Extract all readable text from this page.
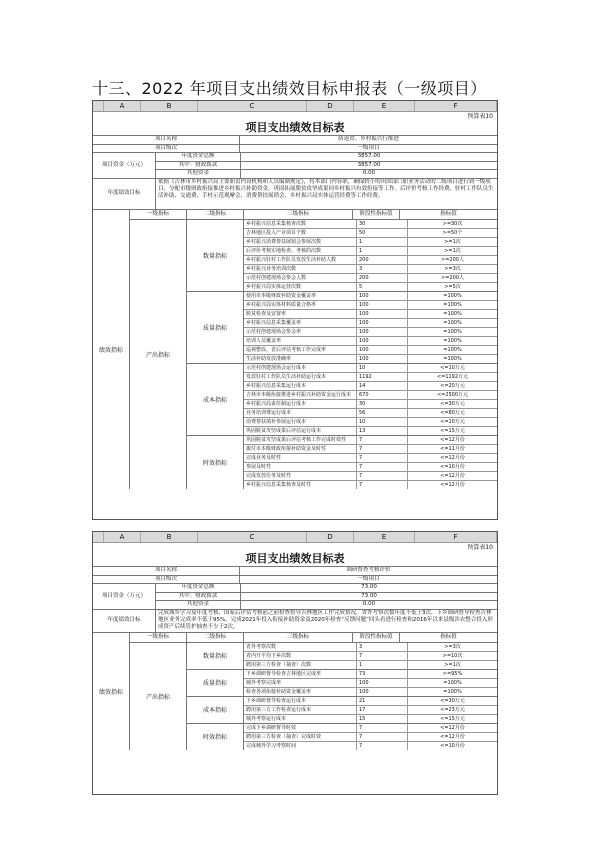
十三、2022 年项目支出绩效目标申报表（一级项目）
A	B	C	D	E	F
预算表10
项目支出绩效目标表
项目名称	防返贫、乡村振兴行推进
项目级次	一级项目
项目资金（万元）
年度资金总额	3857.00
其中：财政拨款	3857.00
其他资金	0.00
年度绩效目标
依据《吉林市乡村振兴局主要职责内设机构和人员编制规定》，将本部门内容职，确保较小的巩固部门职业务活动的二级项目进行到一级项目，分配市级财政衔接推进乡村振兴补助资金，巩固拓展脱贫攻坚成果同乡村振兴有效衔接等工作。后评价考核工作经费、驻村工作队员生活补助、交通费、手村示范观摩会、消费帮扶展销会、乡村振兴局实体运营经费等工作经费。
绩效指标
一级指标
产出指标
二级指标	三级指标	阶段性指标值	指标值
数量指标
乡村振兴信息采集核查次数	30	>=30次
吉林地区投入产业项目个数	50	>=50个
乡村振兴消费帮扶展销会参展次数	1	>=1次
后评价考核实地检查、考核的次数	1	>=1次
乡村振兴驻村工作队员发放生活补助人数	200	>=200人
乡村振兴业务培训次数	3	>=3次
示范村创建现场会参会人数	200	>=200人
乡村振兴局实体运营次数	5	>=5次
质量指标
使用市本级财政补助资金覆盖率	100	=100%
乡村振兴局实体材料质量合格率	100	=100%
脱贫检查及安置率	100	=100%
乡村振兴信息采集覆盖率	100	=100%
示范村创建现场会参会率	100	=100%
培训人员覆盖率	100	=100%
巡视整改、省后评估考核工作完成率	100	=100%
生活补助发放准确率	100	=100%
成本指标
示范村创建现场会运行成本	10	<=10万元
发放驻村工作队员生活补助运行成本	1192	<=1192万元
乡村振兴信息采集运行成本	14	<=20万元
吉林市本级衔接推进乡村振兴补助资金运行成本	670	<=2500万元
乡村振兴局责任制运行成本	30	<=30万元
业务培训费运行成本	56	<=80万元
消费帮扶填补参展运行成本	10	<=10万元
巩固脱贫攻坚成果后评估运行成本	13	<=15万元
时效指标
巩固脱贫攻坚成果后评估考核工作完成时效性	7	<=12月份
拨付市本级财政衔接补助资金及时性	7	<=11月份
完成业务及时性	7	<=12月份
参展及时性	7	<=10月份
完成发放任务及时性	7	<=12月份
乡村振兴信息采集核查及时性	7	<=12月份
A	B	C	D	E	F
预算表10
项目支出绩效目标表
项目名称	调研督查考核评价
项目级次	一级项目
项目资金（万元）
年度资金总额	73.00
其中：财政拨款	73.00
其他资金	0.00
年度绩效目标
完成城乡学习及年度考核、国家后评估考核前之前检查督导吉林地区工作完成情况，省外考察次数年度不低于3次，下乡调研督导检查吉林地区业务完成率不低于95%。完成2021年投入衔接补助资金及2020年检查“反馈问题”回头看进行检查和2016年以来县级涉农整合投入形成资产后续管护抽查不少于2次。
绩效指标
一级指标
产出指标
二级指标	三级指标	阶段性指标值	指标值
数量指标
省外考察次数	3	>=3次
省内开平均下乡次数	7	>=10次
聘用第三方检查（抽查）次数	1	>=1次
质量指标
下乡调研督导检查吉林地区完成率	73	>=95%
城外考察完成率	100	=100%
检查各项衔接补助资金覆盖率	100	=100%
成本指标
下乡调研督导检查运行成本	21	<=30万元
聘用第三方工作检查运行成本	17	<=23万元
城外考察运行成本	15	<=15万元
时效指标
完成下乡调研督导时效	7	<=12月份
聘用第三方检查（抽查）完成时效	7	<=12月份
完成城外学习考察时间	7	<=10月份
